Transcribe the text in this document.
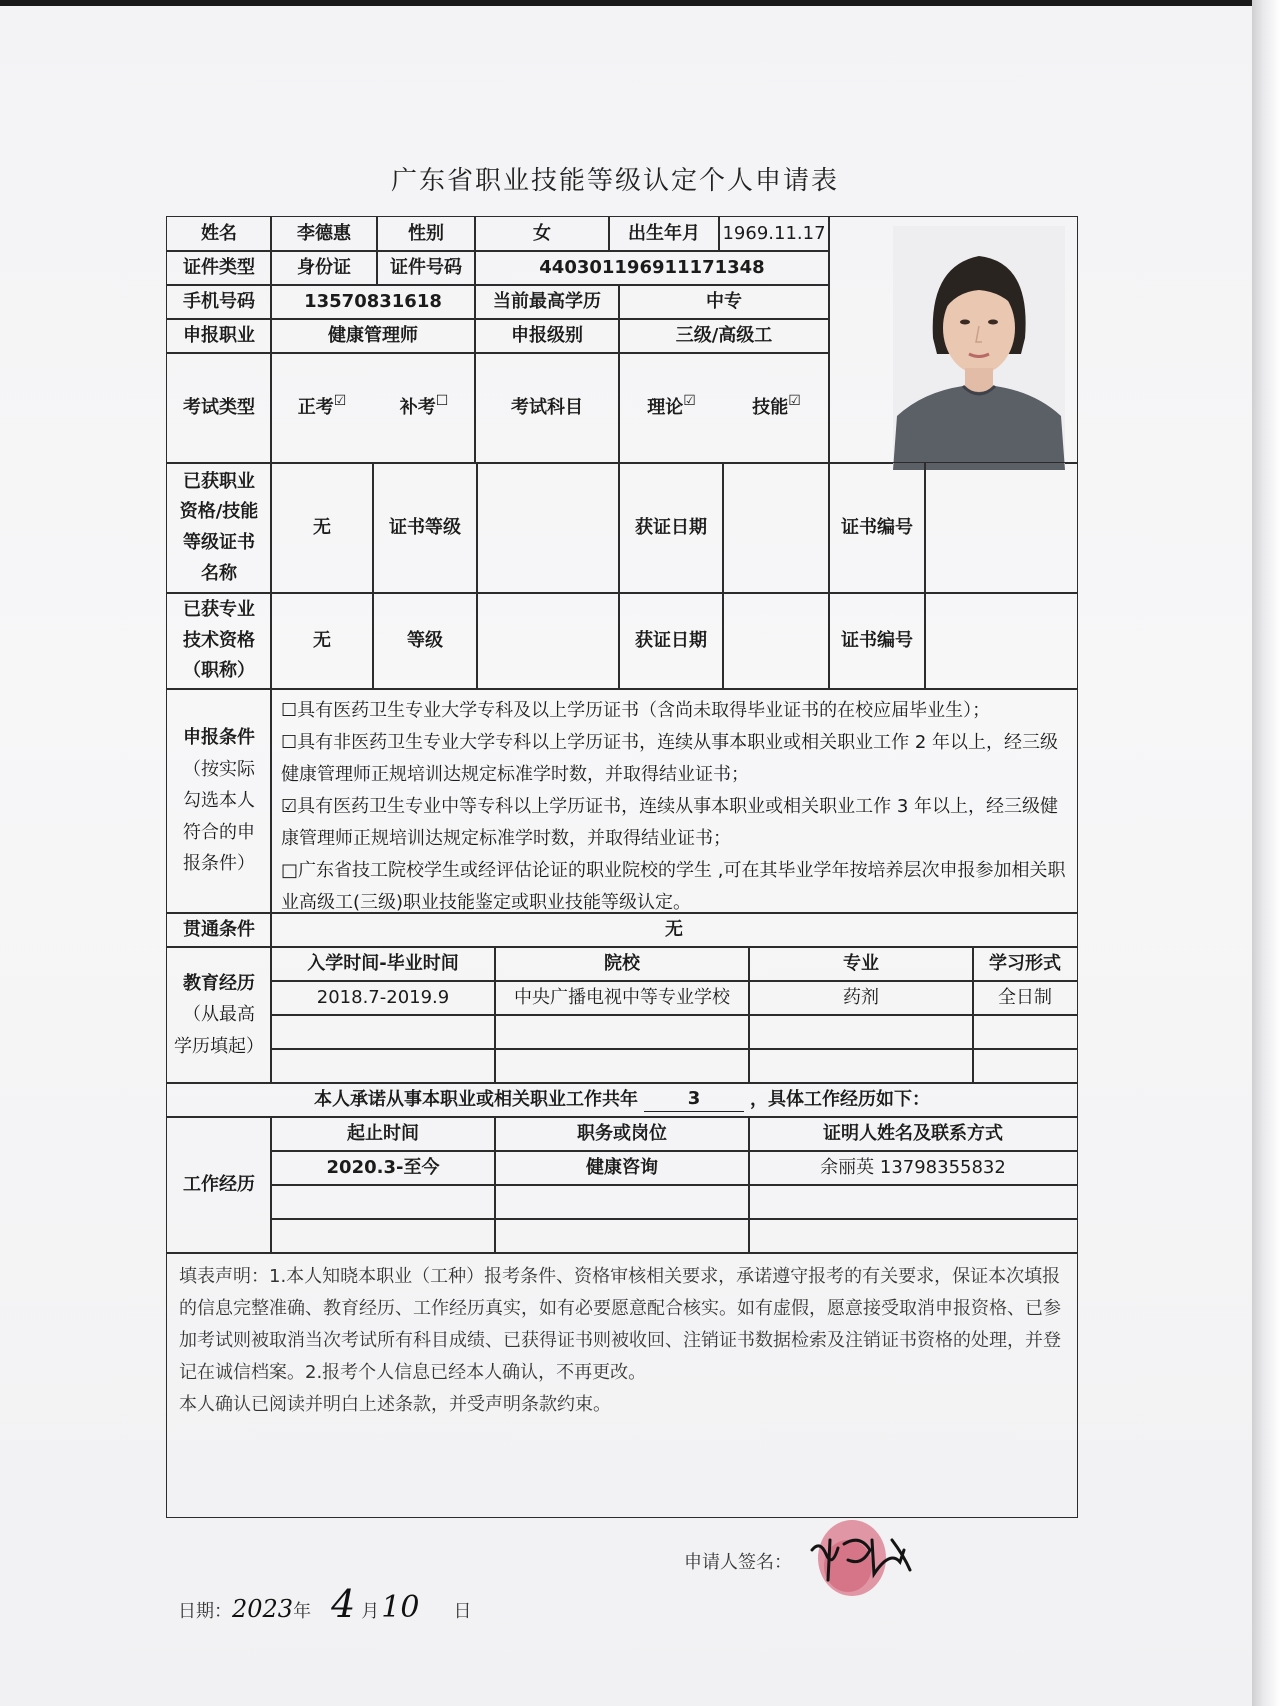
广东省职业技能等级认定个人申请表
姓名	李德惠	性别	女	出生年月	1969.11.17
证件类型	身份证	证件号码	440301196911171348
手机号码	13570831618	当前最高学历	中专
申报职业	健康管理师	申报级别	三级/高级工
考试类型	正考☑	补考☐	考试科目	理论☑	技能☑
已获职业
资格/技能
等级证书
名称
无	证书等级	获证日期	证书编号
已获专业
技术资格
（职称）
无	等级	获证日期	证书编号
申报条件
（按实际
勾选本人
符合的申
报条件）
☐具有医药卫生专业大学专科及以上学历证书（含尚未取得毕业证书的在校应届毕业生）；
☐具有非医药卫生专业大学专科以上学历证书，连续从事本职业或相关职业工作 2 年以上，经三级健康管理师正规培训达规定标准学时数，并取得结业证书；
☑具有医药卫生专业中等专科以上学历证书，连续从事本职业或相关职业工作 3 年以上，经三级健康管理师正规培训达规定标准学时数，并取得结业证书；
□广东省技工院校学生或经评估论证的职业院校的学生 ,可在其毕业学年按培养层次申报参加相关职业高级工(三级)职业技能鉴定或职业技能等级认定。
贯通条件	无
教育经历
（从最高
学历填起）
入学时间-毕业时间	院校	专业	学习形式
2018.7-2019.9	中央广播电视中等专业学校	药剂	全日制
本人承诺从事本职业或相关职业工作共年	3	，具体工作经历如下：
工作经历
起止时间	职务或岗位	证明人姓名及联系方式
2020.3-至今	健康咨询	余丽英 13798355832
填表声明：1.本人知晓本职业（工种）报考条件、资格审核相关要求，承诺遵守报考的有关要求，保证本次填报的信息完整准确、教育经历、工作经历真实，如有必要愿意配合核实。如有虚假，愿意接受取消申报资格、已参加考试则被取消当次考试所有科目成绩、已获得证书则被收回、注销证书数据检索及注销证书资格的处理，并登记在诚信档案。2.报考个人信息已经本人确认，不再更改。
本人确认已阅读并明白上述条款，并受声明条款约束。
申请人签名：
日期： 2023 年 4 月 10 日
